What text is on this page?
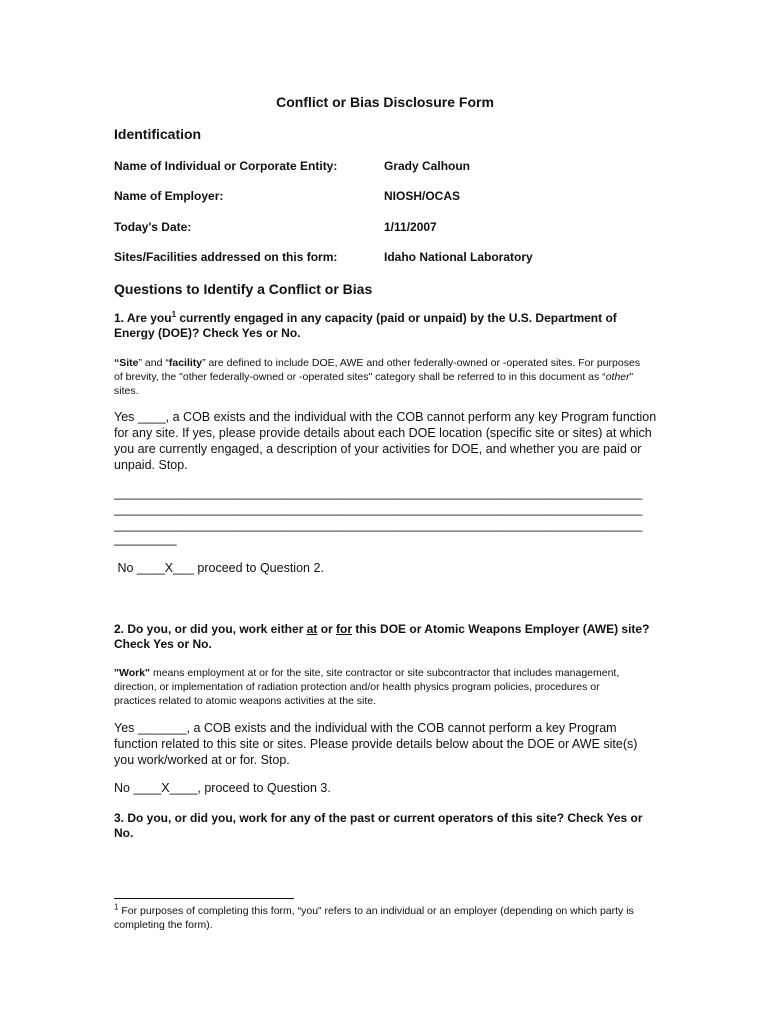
Conflict or Bias Disclosure Form
Identification
Name of Individual or Corporate Entity:	Grady Calhoun
Name of Employer:	NIOSH/OCAS
Today's Date:	1/11/2007
Sites/Facilities addressed on this form:	Idaho National Laboratory
Questions to Identify a Conflict or Bias
1. Are you$^1$ currently engaged in any capacity (paid or unpaid) by the U.S. Department of Energy (DOE)? Check Yes or No.
“Site” and “facility” are defined to include DOE, AWE and other federally-owned or -operated sites. For purposes of brevity, the "other federally-owned or -operated sites" category shall be referred to in this document as “other” sites.
Yes ____, a COB exists and the individual with the COB cannot perform any key Program function for any site. If yes, please provide details about each DOE location (specific site or sites) at which you are currently engaged, a description of your activities for DOE, and whether you are paid or unpaid. Stop.
____________________________________________________________________________
____________________________________________________________________________
____________________________________________________________________________
_________
No ____X___ proceed to Question 2.
2. Do you, or did you, work either at or for this DOE or Atomic Weapons Employer (AWE) site? Check Yes or No.
"Work" means employment at or for the site, site contractor or site subcontractor that includes management, direction, or implementation of radiation protection and/or health physics program policies, procedures or practices related to atomic weapons activities at the site.
Yes _______, a COB exists and the individual with the COB cannot perform a key Program function related to this site or sites. Please provide details below about the DOE or AWE site(s) you work/worked at or for. Stop.
No ____X____, proceed to Question 3.
3. Do you, or did you, work for any of the past or current operators of this site? Check Yes or No.
$^1$ For purposes of completing this form, “you” refers to an individual or an employer (depending on which party is completing the form).
